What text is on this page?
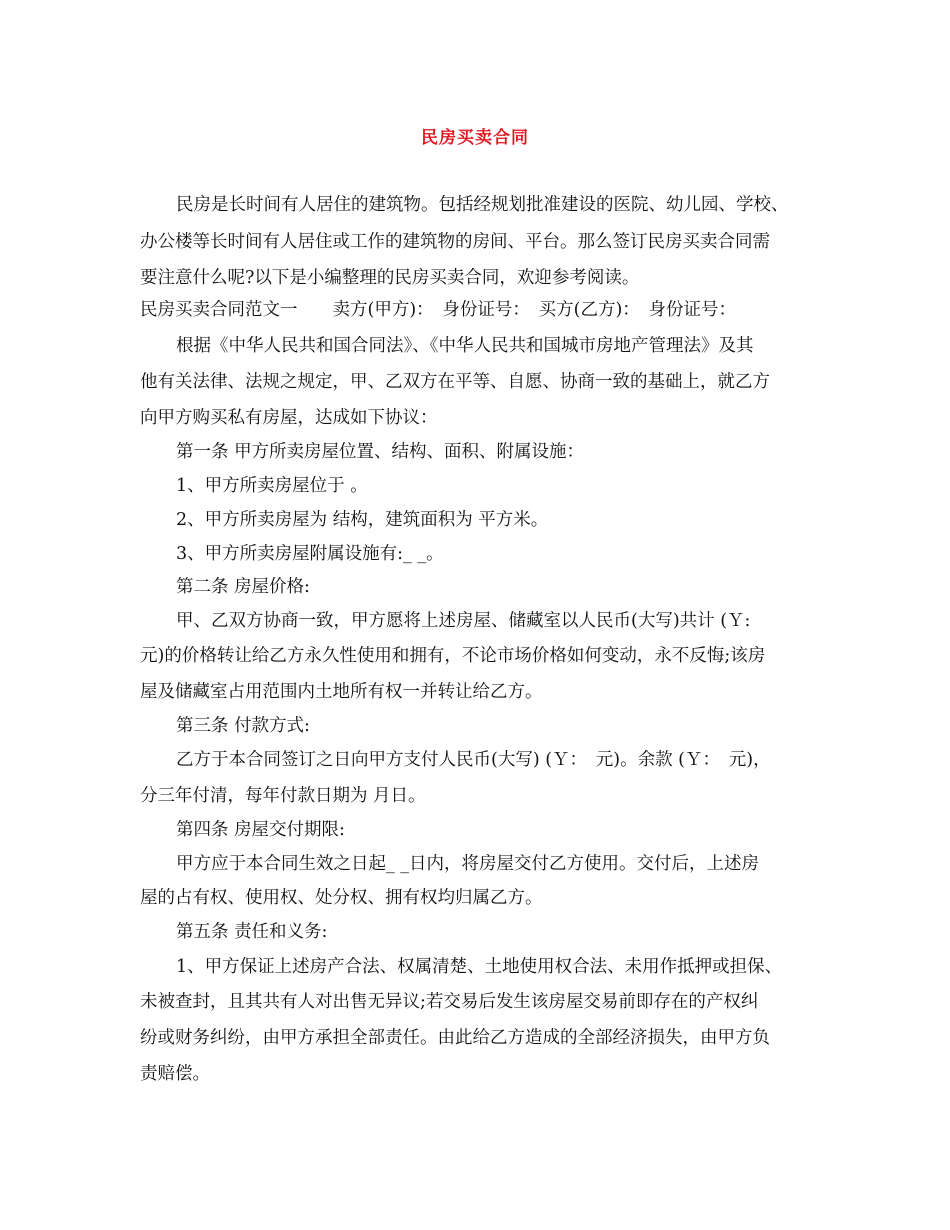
民房买卖合同
民房是长时间有人居住的建筑物。包括经规划批准建设的医院、幼儿园、学校、
办公楼等长时间有人居住或工作的建筑物的房间、平台。那么签订民房买卖合同需
要注意什么呢?以下是小编整理的民房买卖合同，欢迎参考阅读。
民房买卖合同范文一　　卖方(甲方)：　身份证号：　买方(乙方)：　身份证号：
根据《中华人民共和国合同法》、《中华人民共和国城市房地产管理法》及其
他有关法律、法规之规定，甲、乙双方在平等、自愿、协商一致的基础上，就乙方
向甲方购买私有房屋，达成如下协议：
第一条 甲方所卖房屋位置、结构、面积、附属设施：
1、甲方所卖房屋位于 。
2、甲方所卖房屋为 结构，建筑面积为 平方米。
3、甲方所卖房屋附属设施有:_ _。
第二条 房屋价格:
甲、乙双方协商一致，甲方愿将上述房屋、储藏室以人民币(大写)共计 (Ｙ:
元)的价格转让给乙方永久性使用和拥有，不论市场价格如何变动，永不反悔;该房
屋及储藏室占用范围内土地所有权一并转让给乙方。
第三条 付款方式:
乙方于本合同签订之日向甲方支付人民币(大写) (Ｙ：　元)。余款 (Ｙ：　元)，
分三年付清，每年付款日期为 月日。
第四条 房屋交付期限:
甲方应于本合同生效之日起_ _日内，将房屋交付乙方使用。交付后，上述房
屋的占有权、使用权、处分权、拥有权均归属乙方。
第五条 责任和义务:
1、甲方保证上述房产合法、权属清楚、土地使用权合法、未用作抵押或担保、
未被查封，且其共有人对出售无异议;若交易后发生该房屋交易前即存在的产权纠
纷或财务纠纷，由甲方承担全部责任。由此给乙方造成的全部经济损失，由甲方负
责赔偿。
